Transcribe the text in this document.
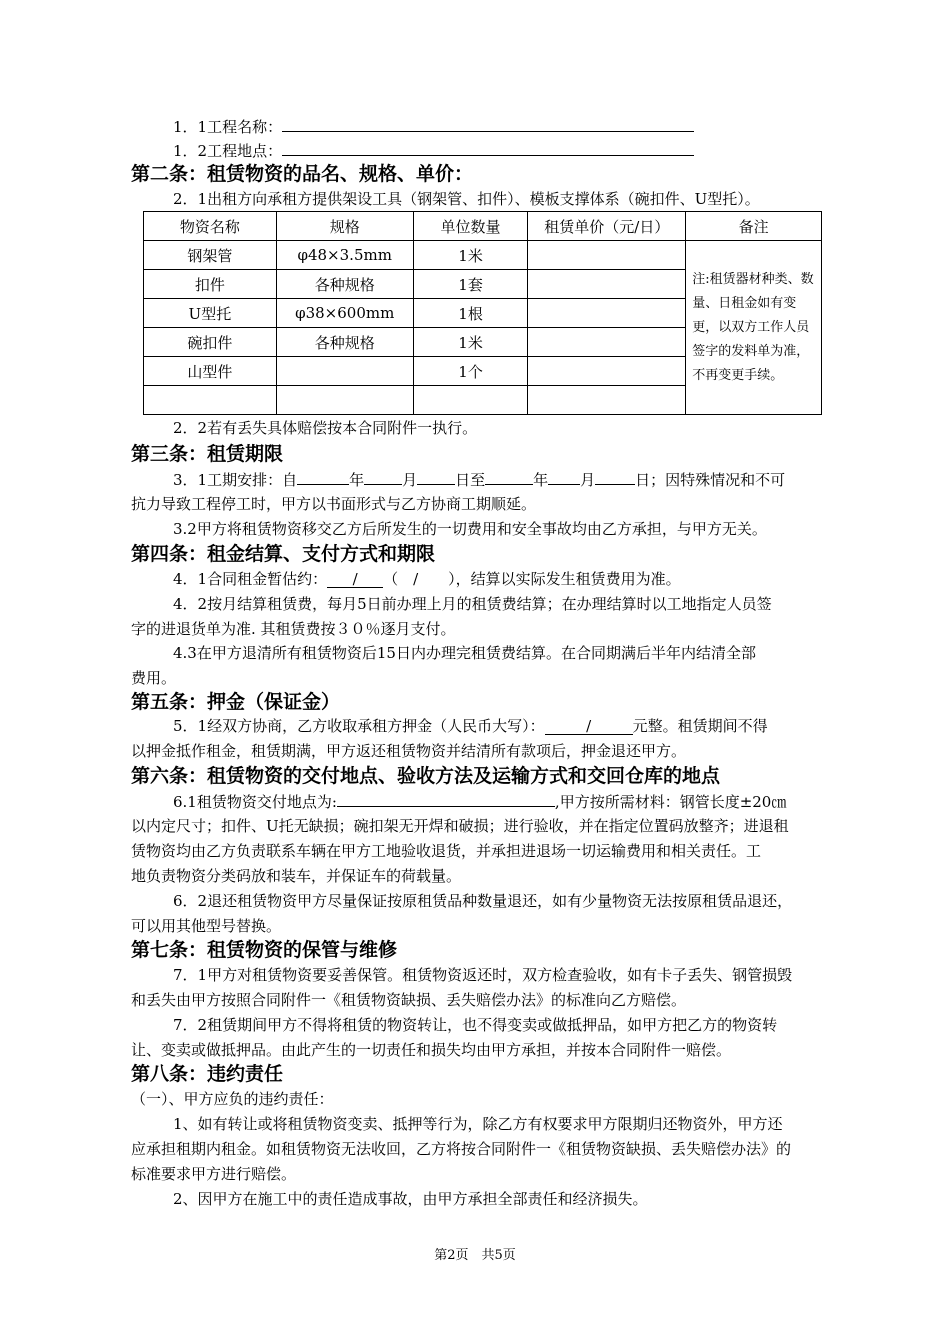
1．1工程名称：
1．2工程地点：
第二条：租赁物资的品名、规格、单价：
2．1出租方向承租方提供架设工具（钢架管、扣件）、模板支撑体系（碗扣件、U型托）。
物资名称	规格	单位数量	租赁单价（元/日）	备注
钢架管	φ48×3.5mm	1米		注:租赁器材种类、数量、日租金如有变更，以双方工作人员签字的发料单为准，不再变更手续。
扣件	各种规格	1套		
U型托	φ38×600mm	1根		
碗扣件	各种规格	1米		
山型件		1个		

2．2若有丢失具体赔偿按本合同附件一执行。
第三条：租赁期限
3．1工期安排：自	年	月	日至	年 月	日；因特殊情况和不可
抗力导致工程停工时，甲方以书面形式与乙方协商工期顺延。
3.2甲方将租赁物资移交乙方后所发生的一切费用和安全事故均由乙方承担，与甲方无关。
第四条：租金结算、支付方式和期限
4．1合同租金暂估约： / （　/　　），结算以实际发生租赁费用为准。
4．2按月结算租赁费，每月5日前办理上月的租赁费结算；在办理结算时以工地指定人员签
字的进退货单为准. 其租赁费按３０％逐月支付。
4.3在甲方退清所有租赁物资后15日内办理完租赁费结算。在合同期满后半年内结清全部
费用。
第五条：押金（保证金）
5．1经双方协商，乙方收取承租方押金（人民币大写）：	/	元整。租赁期间不得
以押金抵作租金，租赁期满，甲方返还租赁物资并结清所有款项后，押金退还甲方。
第六条：租赁物资的交付地点、验收方法及运输方式和交回仓库的地点
6.1租赁物资交付地点为:	,甲方按所需材料：钢管长度±20㎝
以内定尺寸；扣件、U托无缺损；碗扣架无开焊和破损；进行验收，并在指定位置码放整齐；进退租
赁物资均由乙方负责联系车辆在甲方工地验收退货，并承担进退场一切运输费用和相关责任。工
地负责物资分类码放和装车，并保证车的荷载量。
6．2退还租赁物资甲方尽量保证按原租赁品种数量退还，如有少量物资无法按原租赁品退还，
可以用其他型号替换。
第七条：租赁物资的保管与维修
7．1甲方对租赁物资要妥善保管。租赁物资返还时，双方检查验收，如有卡子丢失、钢管损毁
和丢失由甲方按照合同附件一《租赁物资缺损、丢失赔偿办法》的标准向乙方赔偿。
7．2租赁期间甲方不得将租赁的物资转让，也不得变卖或做抵押品，如甲方把乙方的物资转
让、变卖或做抵押品。由此产生的一切责任和损失均由甲方承担，并按本合同附件一赔偿。
第八条：违约责任
（一）、甲方应负的违约责任：
1、如有转让或将租赁物资变卖、抵押等行为，除乙方有权要求甲方限期归还物资外，甲方还
应承担租期内租金。如租赁物资无法收回，乙方将按合同附件一《租赁物资缺损、丢失赔偿办法》的
标准要求甲方进行赔偿。
2、因甲方在施工中的责任造成事故，由甲方承担全部责任和经济损失。
第2页　共5页
